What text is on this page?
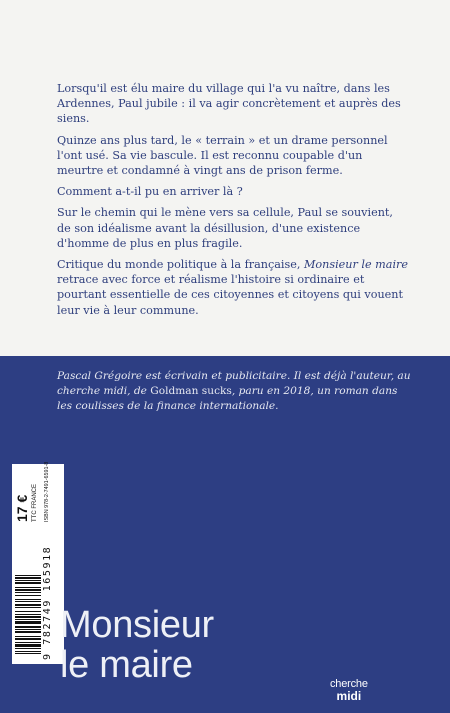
Lorsqu'il est élu maire du village qui l'a vu naître, dans les Ardennes, Paul jubile : il va agir concrètement et auprès des siens.

Quinze ans plus tard, le « terrain » et un drame personnel l'ont usé. Sa vie bascule. Il est reconnu coupable d'un meurtre et condamné à vingt ans de prison ferme.

Comment a-t-il pu en arriver là ?

Sur le chemin qui le mène vers sa cellule, Paul se souvient, de son idéalisme avant la désillusion, d'une existence d'homme de plus en plus fragile.

Critique du monde politique à la française, Monsieur le maire retrace avec force et réalisme l'histoire si ordinaire et pourtant essentielle de ces citoyennes et citoyens qui vouent leur vie à leur commune.

Pascal Grégoire est écrivain et publicitaire. Il est déjà l'auteur, au cherche midi, de Goldman sucks, paru en 2018, un roman dans les coulisses de la finance internationale.

9 782749 165918
17 € TTC FRANCE ISBN 978-2-7491-6591-8
Monsieur
le maire	cherche
midi
